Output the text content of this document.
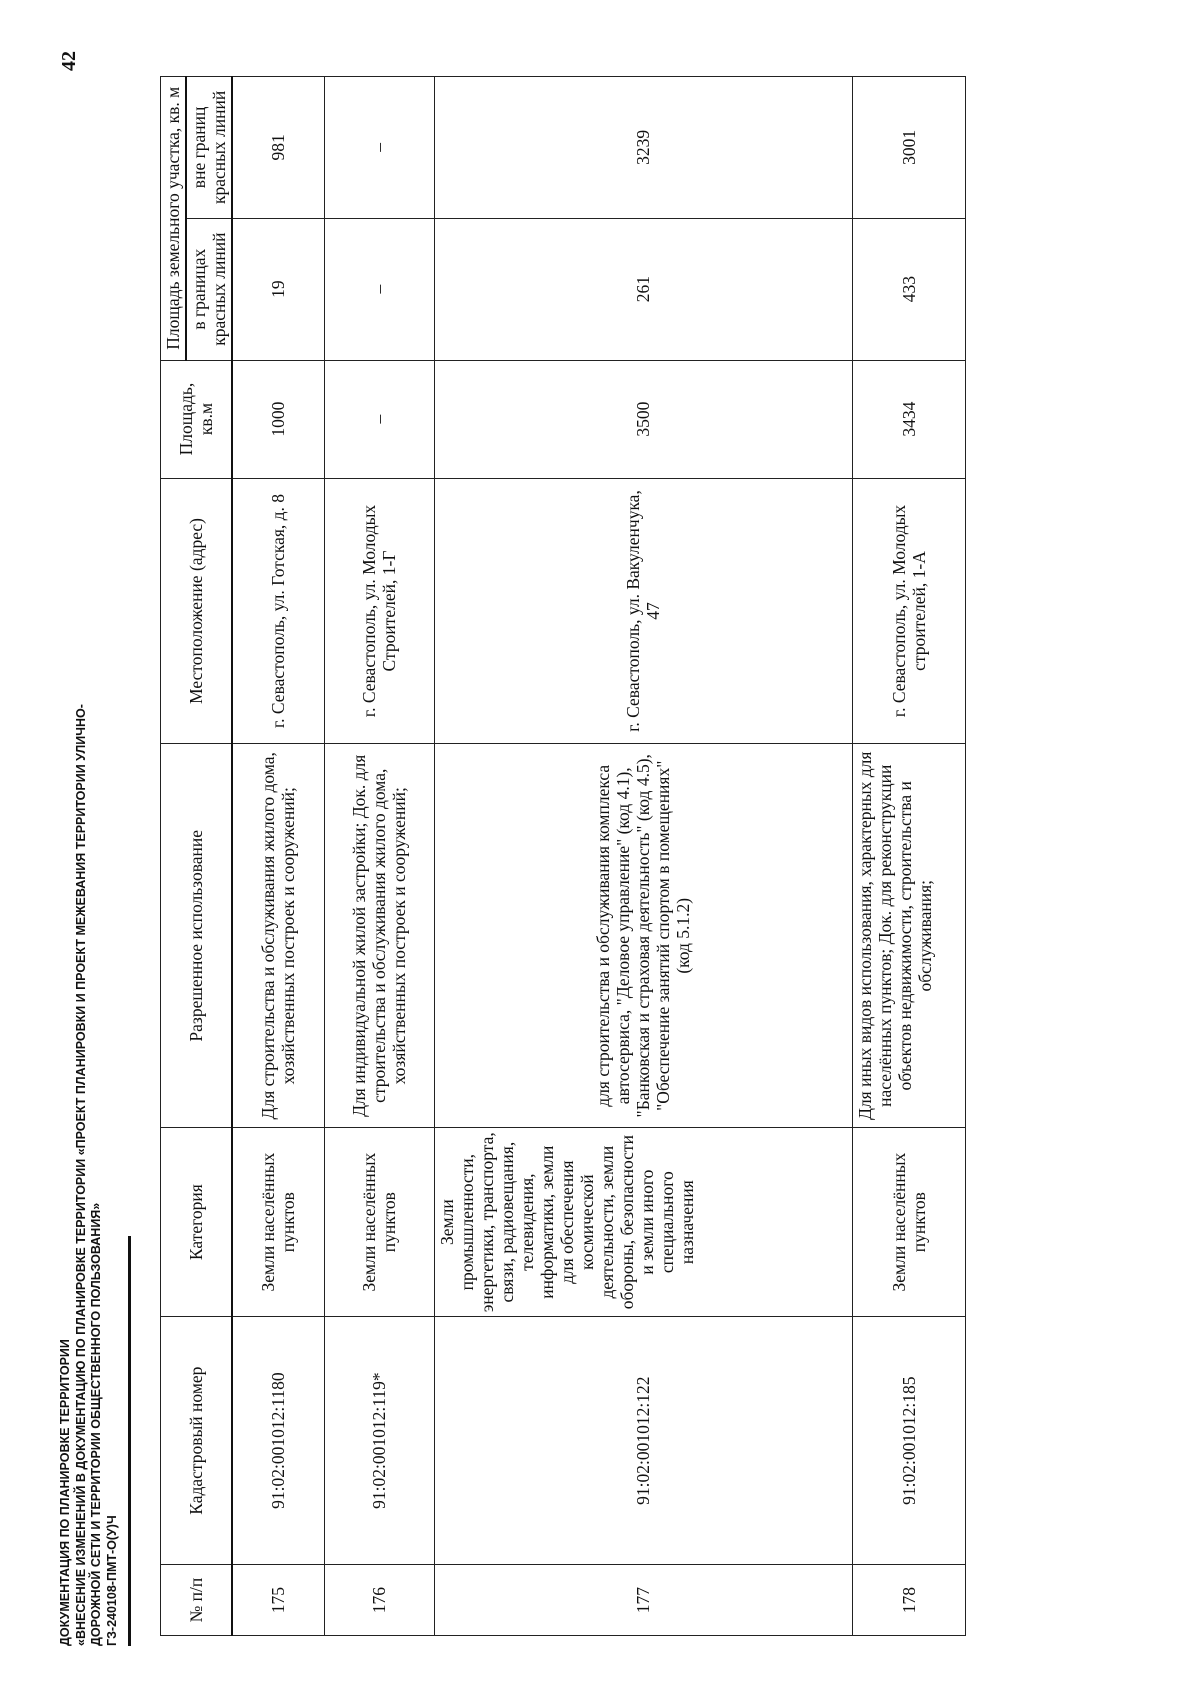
42
ДОКУМЕНТАЦИЯ ПО ПЛАНИРОВКЕ ТЕРРИТОРИИ «ВНЕСЕНИЕ ИЗМЕНЕНИЙ В ДОКУМЕНТАЦИЮ ПО ПЛАНИРОВКЕ ТЕРРИТОРИИ «ПРОЕКТ ПЛАНИРОВКИ И ПРОЕКТ МЕЖЕВАНИЯ ТЕРРИТОРИИ УЛИЧНО- ДОРОЖНОЙ СЕТИ И ТЕРРИТОРИИ ОБЩЕСТВЕННОГО ПОЛЬЗОВАНИЯ» ГЗ-240108-ПМТ-О(У)Ч	№ п/п	Кадастровый номер	Категория	Разрешенное использование	Местоположение (адрес)	Площадь, кв.м	Площадь земельного участка, кв. м	
						в границах красных линий	вне границ красных линий
175	91:02:001012:1180	Земли населённых пунктов	Для строительства и обслуживания жилого дома, хозяйственных построек и сооружений;	г. Севастополь, ул. Готская, д. 8	1000	19	981
176	91:02:001012:119*	Земли населённых пунктов	Для индивидуальной жилой застройки; Док. для строительства и обслуживания жилого дома, хозяйственных построек и сооружений;	г. Севастополь, ул. Молодых Строителей, 1-Г	–	–	–
177	91:02:001012:122	Земли промышленности, энергетики, транспорта, связи, радиовещания, телевидения, информатики, земли для обеспечения космической деятельности, земли обороны, безопасности и земли иного специального назначения	для строительства и обслуживания комплекса автосервиса, "Деловое управление" (код 4.1), "Банковская и страховая деятельность" (код 4.5), "Обеспечение занятий спортом в помещениях" (код 5.1.2)	г. Севастополь, ул. Вакуленчука, 47	3500	261	3239
178	91:02:001012:185	Земли населённых пунктов	Для иных видов использования, характерных для населённых пунктов; Док. для реконструкции объектов недвижимости, строительства и обслуживания;	г. Севастополь, ул. Молодых строителей, 1-А	3434	433	3001
